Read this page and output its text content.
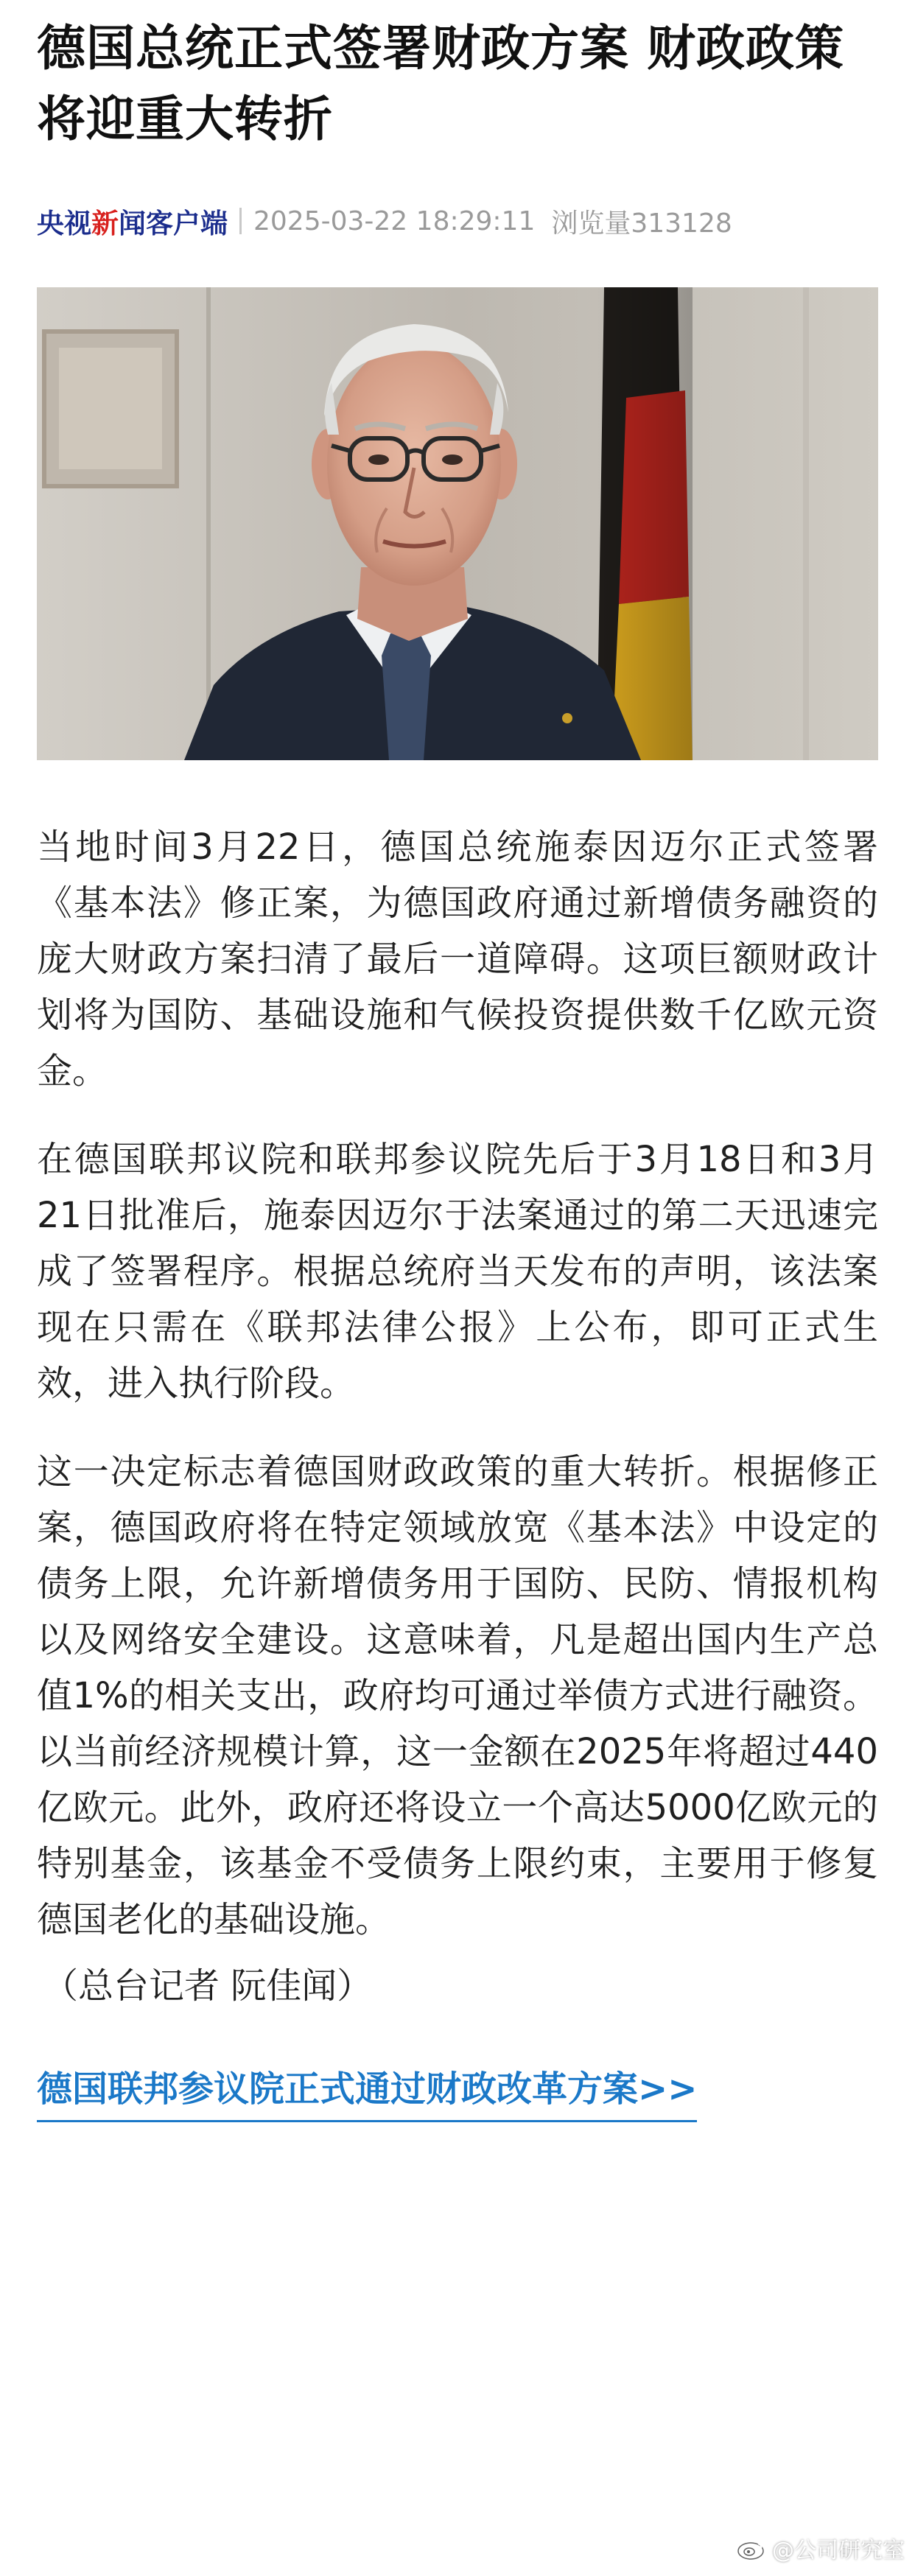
德国总统正式签署财政方案 财政政策将迎重大转折
央视新闻客户端 2025-03-22 18:29:11 浏览量313128

当地时间3月22日，德国总统施泰因迈尔正式签署《基本法》修正案，为德国政府通过新增债务融资的庞大财政方案扫清了最后一道障碍。这项巨额财政计划将为国防、基础设施和气候投资提供数千亿欧元资金。

在德国联邦议院和联邦参议院先后于3月18日和3月21日批准后，施泰因迈尔于法案通过的第二天迅速完成了签署程序。根据总统府当天发布的声明，该法案现在只需在《联邦法律公报》上公布，即可正式生效，进入执行阶段。

这一决定标志着德国财政政策的重大转折。根据修正案，德国政府将在特定领域放宽《基本法》中设定的债务上限，允许新增债务用于国防、民防、情报机构以及网络安全建设。这意味着，凡是超出国内生产总值1%的相关支出，政府均可通过举债方式进行融资。以当前经济规模计算，这一金额在2025年将超过440亿欧元。此外，政府还将设立一个高达5000亿欧元的特别基金，该基金不受债务上限约束，主要用于修复德国老化的基础设施。

（总台记者 阮佳闻）

德国联邦参议院正式通过财政改革方案>>
@公司研究室
